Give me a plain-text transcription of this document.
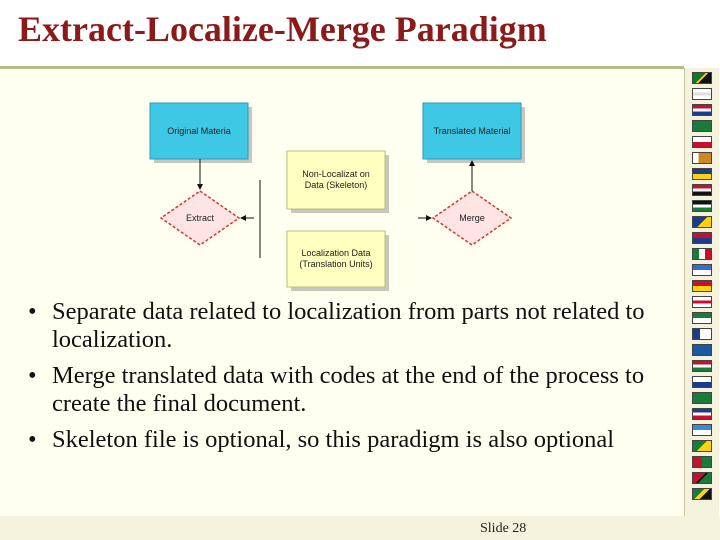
Extract-Localize-Merge Paradigm
Original Materia	Translated Material
Non-Localizat on
Data (Skeleton)
Localization Data
(Translation Units)
Extract	Merge
• Separate data related to localization from parts not related to localization.
• Merge translated data with codes at the end of the process to create the final document.
• Skeleton file is optional, so this paradigm is also optional
Slide 28
